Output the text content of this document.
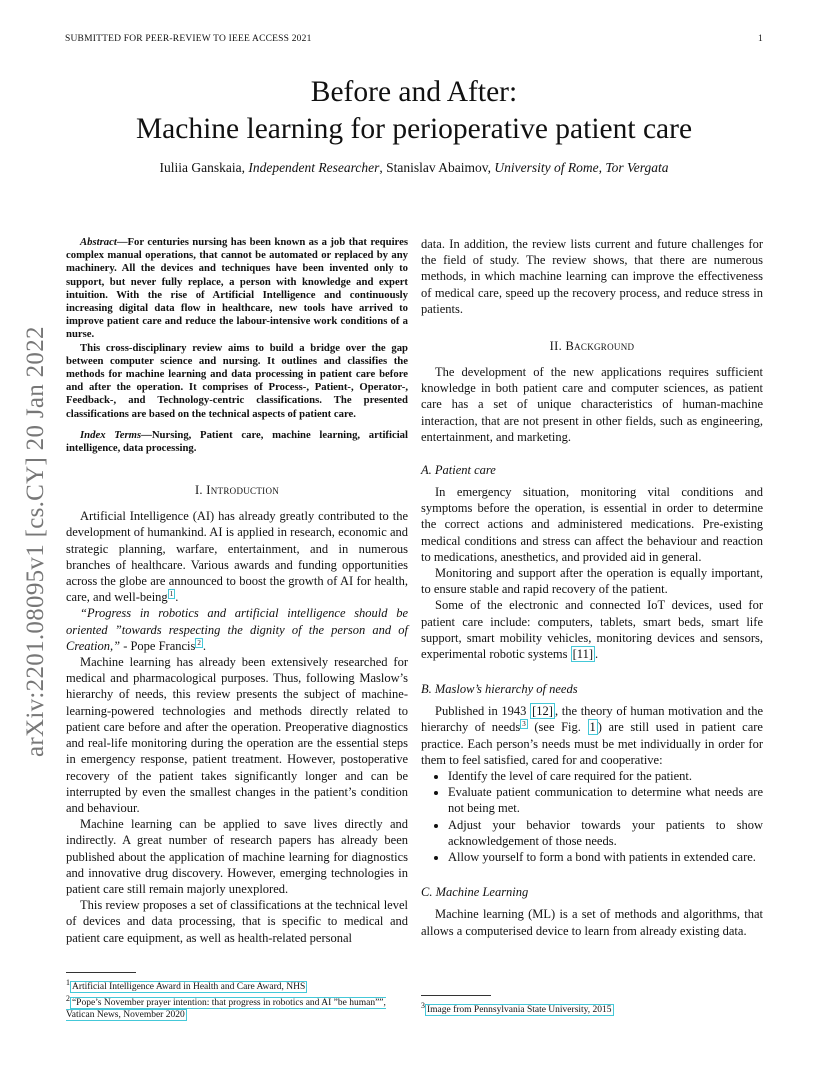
SUBMITTED FOR PEER-REVIEW TO IEEE ACCESS 2021	1
Before and After:
Machine learning for perioperative patient care
Iuliia Ganskaia, Independent Researcher, Stanislav Abaimov, University of Rome, Tor Vergata
arXiv:2201.08095v1 [cs.CY] 20 Jan 2022

Abstract—For centuries nursing has been known as a job that requires complex manual operations, that cannot be automated or replaced by any machinery. All the devices and techniques have been invented only to support, but never fully replace, a person with knowledge and expert intuition. With the rise of Artificial Intelligence and continuously increasing digital data flow in healthcare, new tools have arrived to improve patient care and reduce the labour-intensive work conditions of a nurse.

This cross-disciplinary review aims to build a bridge over the gap between computer science and nursing. It outlines and classifies the methods for machine learning and data processing in patient care before and after the operation. It comprises of Process-, Patient-, Operator-, Feedback-, and Technology-centric classifications. The presented classifications are based on the technical aspects of patient care.

Index Terms—Nursing, Patient care, machine learning, artificial intelligence, data processing.

I. Introduction

Artificial Intelligence (AI) has already greatly contributed to the development of humankind. AI is applied in research, economic and strategic planning, warfare, entertainment, and in numerous branches of healthcare. Various awards and funding opportunities across the globe are announced to boost the growth of AI for health, care, and well-being $^1$ .

“Progress in robotics and artificial intelligence should be oriented ”towards respecting the dignity of the person and of Creation,” - Pope Francis $^2$ .

Machine learning has already been extensively researched for medical and pharmacological purposes. Thus, following Maslow’s hierarchy of needs, this review presents the subject of machine-learning-powered technologies and methods directly related to patient care before and after the operation. Preoperative diagnostics and real-life monitoring during the operation are the essential steps in emergency response, patient treatment. However, postoperative recovery of the patient takes significantly longer and can be interrupted by even the smallest changes in the patient’s condition and behaviour.

Machine learning can be applied to save lives directly and indirectly. A great number of research papers has already been published about the application of machine learning for diagnostics and innovative drug discovery. However, emerging technologies in patient care still remain majorly unexplored.

This review proposes a set of classifications at the technical level of devices and data processing, that is specific to medical and patient care equipment, as well as health-related personal

data. In addition, the review lists current and future challenges for the field of study. The review shows, that there are numerous methods, in which machine learning can improve the effectiveness of medical care, speed up the recovery process, and reduce stress in patients.

II. Background

The development of the new applications requires sufficient knowledge in both patient care and computer sciences, as patient care has a set of unique characteristics of human-machine interaction, that are not present in other fields, such as engineering, entertainment, and marketing.

A. Patient care

In emergency situation, monitoring vital conditions and symptoms before the operation, is essential in order to determine the correct actions and administered medications. Pre-existing medical conditions and stress can affect the behaviour and reaction to medications, anesthetics, and provided aid in general.

Monitoring and support after the operation is equally important, to ensure stable and rapid recovery of the patient.

Some of the electronic and connected IoT devices, used for patient care include: computers, tablets, smart beds, smart life support, smart mobility vehicles, monitoring devices and sensors, experimental robotic systems [11] .

B. Maslow’s hierarchy of needs

Published in 1943 [12] , the theory of human motivation and the hierarchy of needs $^3$ (see Fig. 1 ) are still used in patient care practice. Each person’s needs must be met individually in order for them to feel satisfied, cared for and cooperative:

• Identify the level of care required for the patient.
• Evaluate patient communication to determine what needs are not being met.
• Adjust your behavior towards your patients to show acknowledgement of those needs.
• Allow yourself to form a bond with patients in extended care.
C. Machine Learning

Machine learning (ML) is a set of methods and algorithms, that allows a computerised device to learn from already existing data.

$^1$ Artificial Intelligence Award in Health and Care Award, NHS
$^2$ “Pope’s November prayer intention: that progress in robotics and AI ”be human””, Vatican News, November 2020
$^3$ Image from Pennsylvania State University, 2015
